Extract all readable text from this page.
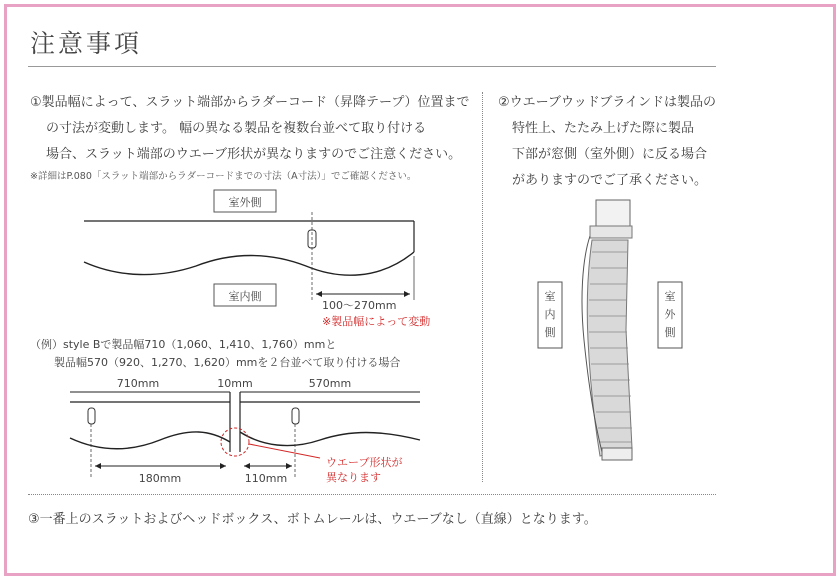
注意事項
①製品幅によって、スラット端部からラダーコード（昇降テープ）位置まで
の寸法が変動します。 幅の異なる製品を複数台並べて取り付ける
場合、スラット端部のウエーブ形状が異なりますのでご注意ください。
※詳細はP.080「スラット端部からラダーコードまでの寸法（A寸法）」でご確認ください。
（例）style Bで製品幅710（1,060、1,410、1,760）mmと
製品幅570（920、1,270、1,620）mmを２台並べて取り付ける場合
②ウエーブウッドブラインドは製品の
特性上、たたみ上げた際に製品
下部が窓側（室外側）に反る場合
がありますのでご了承ください。
③一番上のスラットおよびヘッドボックス、ボトムレールは、ウエーブなし（直線）となります。
室外側
室内側
100～270mm
※製品幅によって変動
710mm	10mm	570mm
ウエーブ形状が
異なります
180mm	110mm
室
内
側
室
外
側
